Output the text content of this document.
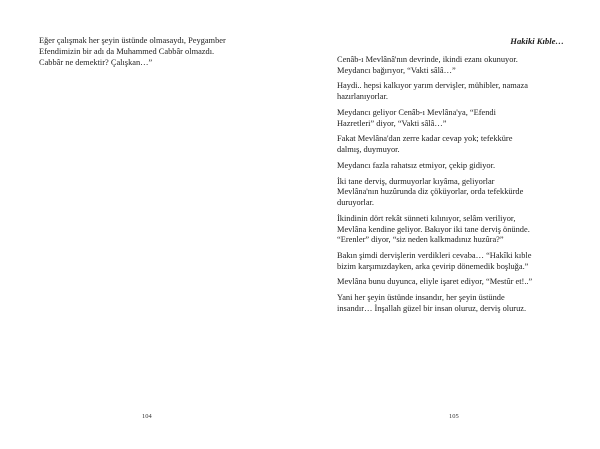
Eğer çalışmak her şeyin üstünde olmasaydı, Peygamber
Efendimizin bir adı da Muhammed Cabbâr olmazdı.
Cabbâr ne demektir? Çalışkan…”

104
Hakiki Kıble…

Cenâb-ı Mevlânâ'nın devrinde, ikindi ezanı okunuyor.
Meydancı bağırıyor, “Vakti sâlâ…”

Haydi.. hepsi kalkıyor yarım dervişler, mühibler, namaza
hazırlanıyorlar.

Meydancı geliyor Cenâb-ı Mevlâna'ya, “Efendi
Hazretleri” diyor, “Vakti sâlâ…”

Fakat Mevlâna'dan zerre kadar cevap yok; tefekküre
dalmış, duymuyor.

Meydancı fazla rahatsız etmiyor, çekip gidiyor.

İki tane derviş, durmuyorlar kıyâma, geliyorlar
Mevlâna'nın huzûrunda diz çöküyorlar, orda tefekkürde
duruyorlar.

İkindinin dört rekât sünneti kılınıyor, selâm veriliyor,
Mevlâna kendine geliyor. Bakıyor iki tane derviş önünde.
“Erenler” diyor, “siz neden kalkmadınız huzûra?”

Bakın şimdi dervişlerin verdikleri cevaba… “Hakîki kıble
bizim karşımızdayken, arka çevirip dönemedik boşluğa.”

Mevlâna bunu duyunca, eliyle işaret ediyor, “Mestûr et!..”

Yani her şeyin üstünde insandır, her şeyin üstünde
insandır… İnşallah güzel bir insan oluruz, derviş oluruz.

105
